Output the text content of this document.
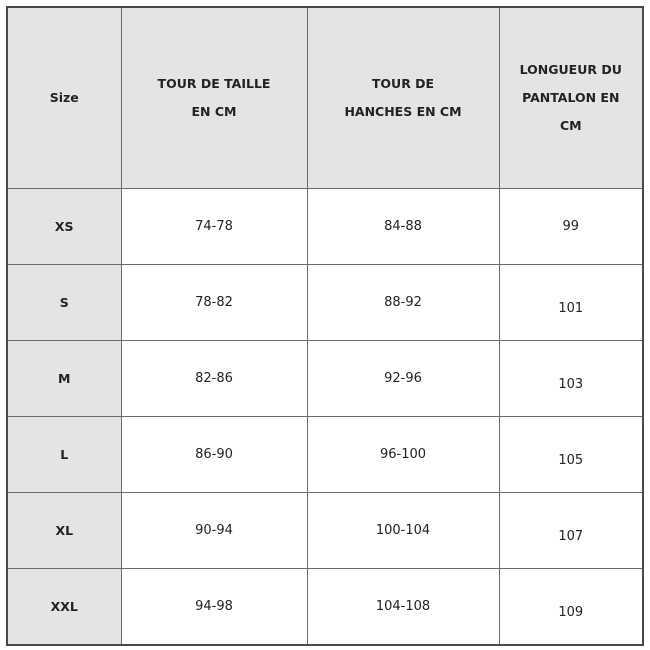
Size	TOUR DE TAILLE EN CM	TOUR DE HANCHES EN CM	LONGUEUR DU PANTALON EN CM
XS	74-78	84-88	99
S	78-82	88-92	101
M	82-86	92-96	103
L	86-90	96-100	105
XL	90-94	100-104	107
XXL	94-98	104-108	109
